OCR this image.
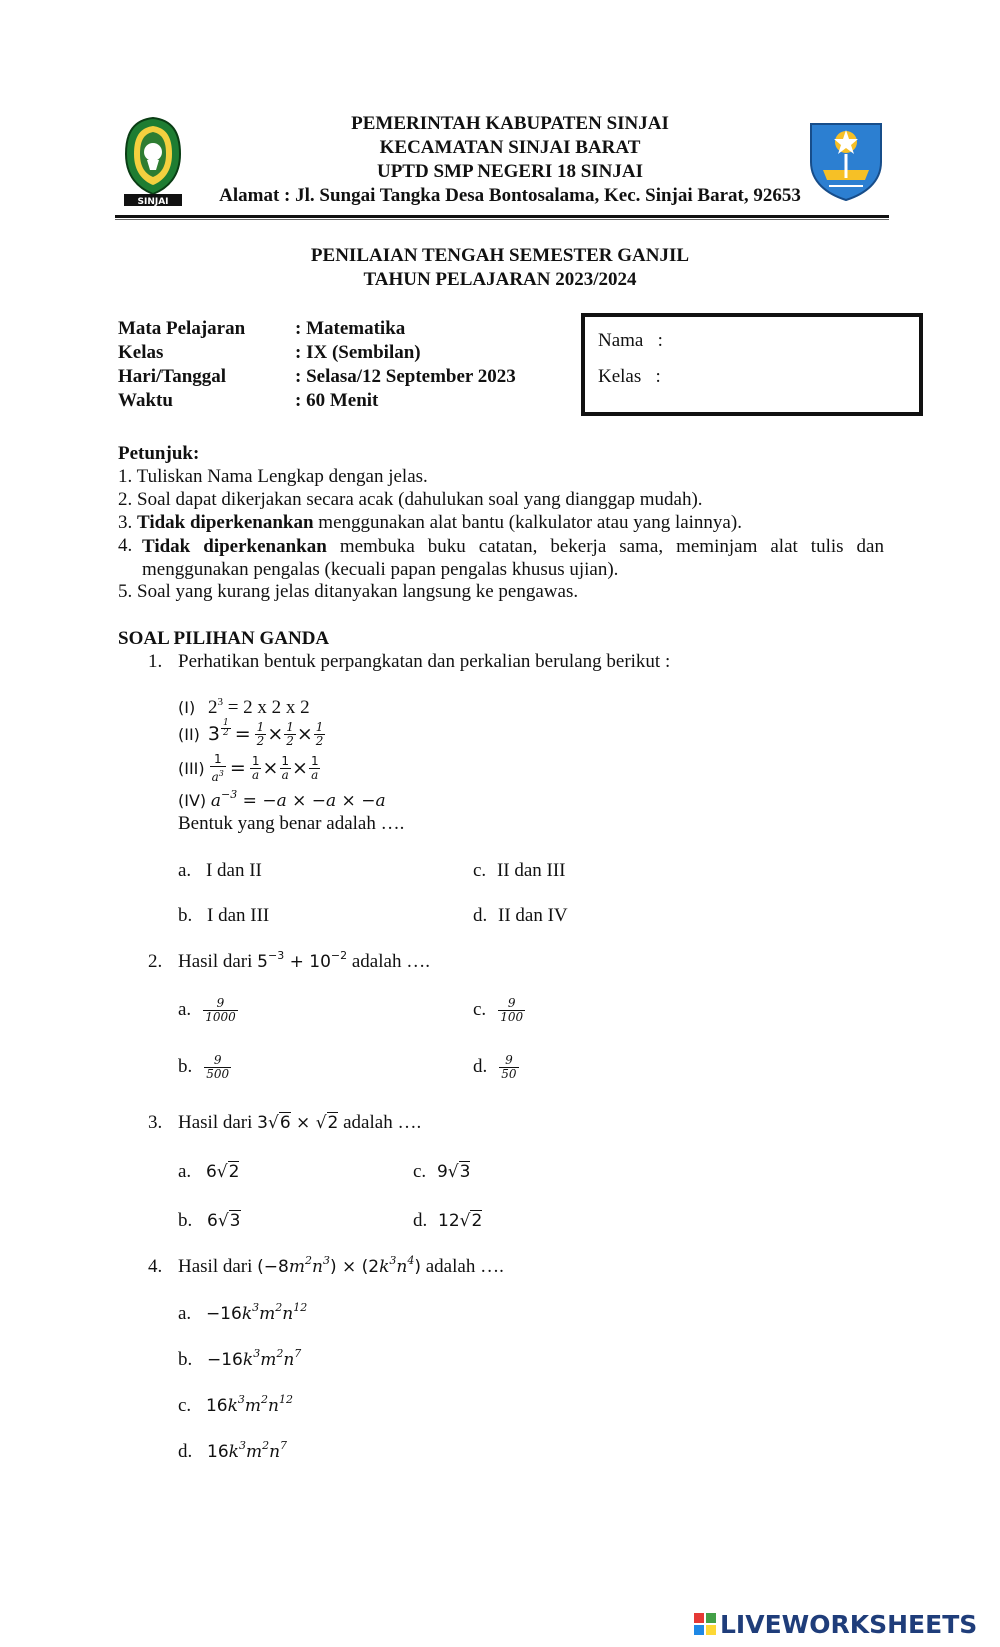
SINJAI
PEMERINTAH KABUPATEN SINJAI
KECAMATAN SINJAI BARAT
UPTD SMP NEGERI 18 SINJAI
Alamat : Jl. Sungai Tangka Desa Bontosalama, Kec. Sinjai Barat, 92653
PENILAIAN TENGAH SEMESTER GANJIL
TAHUN PELAJARAN 2023/2024
Mata Pelajaran	: Matematika
Kelas	: IX (Sembilan)
Hari/Tanggal	: Selasa/12 September 2023
Waktu	: 60 Menit
Nama   :
Kelas   :
Petunjuk:
1. Tuliskan Nama Lengkap dengan jelas.
2. Soal dapat dikerjakan secara acak (dahulukan soal yang dianggap mudah).
3. Tidak diperkenankan menggunakan alat bantu (kalkulator atau yang lainnya).
4. Tidak diperkenankan membuka buku catatan, bekerja sama, meminjam alat tulis dan menggunakan pengalas (kecuali papan pengalas khusus ujian).
5. Soal yang kurang jelas ditanyakan langsung ke pengawas.
SOAL PILIHAN GANDA
1. Perhatikan bentuk perpangkatan dan perkalian berulang berikut :
(I) $2^3 = 2$ x 2 x 2
(II) $3 \frac{1}{2} = \frac{1}{2} \times \frac{1}{2} \times \frac{1}{2}$
$(III) \frac{1}{a^3} = \frac{1}{a} \times \frac{1}{a} \times \frac{1}{a}$
(IV) $a^{-3} = -a \times -a \times -a$
Bentuk yang benar adalah ….
a. I dan II	c. II dan III
b. I dan III	d. II dan IV
2. Hasil dari $5^{-3} + 10^{-2}$ adalah ….
a. $\frac{9}{1000}$	c. $\frac{9}{100}$
b. $\frac{9}{500}$	d. $\frac{9}{50}$
3. Hasil dari 3√6 × √2 adalah ….
a. 6√2	c. 9√3
b. 6√3	d. 12√2
4. Hasil dari $(-8m^2n^3) \times (2k^3n^4)$ adalah ….
a. $-16k^3m^2n^{12}$
b. $-16k^3m^2n^7$
c. $16k^3m^2n^{12}$
d. $16k^3m^2n^7$
LIVEWORKSHEETS
